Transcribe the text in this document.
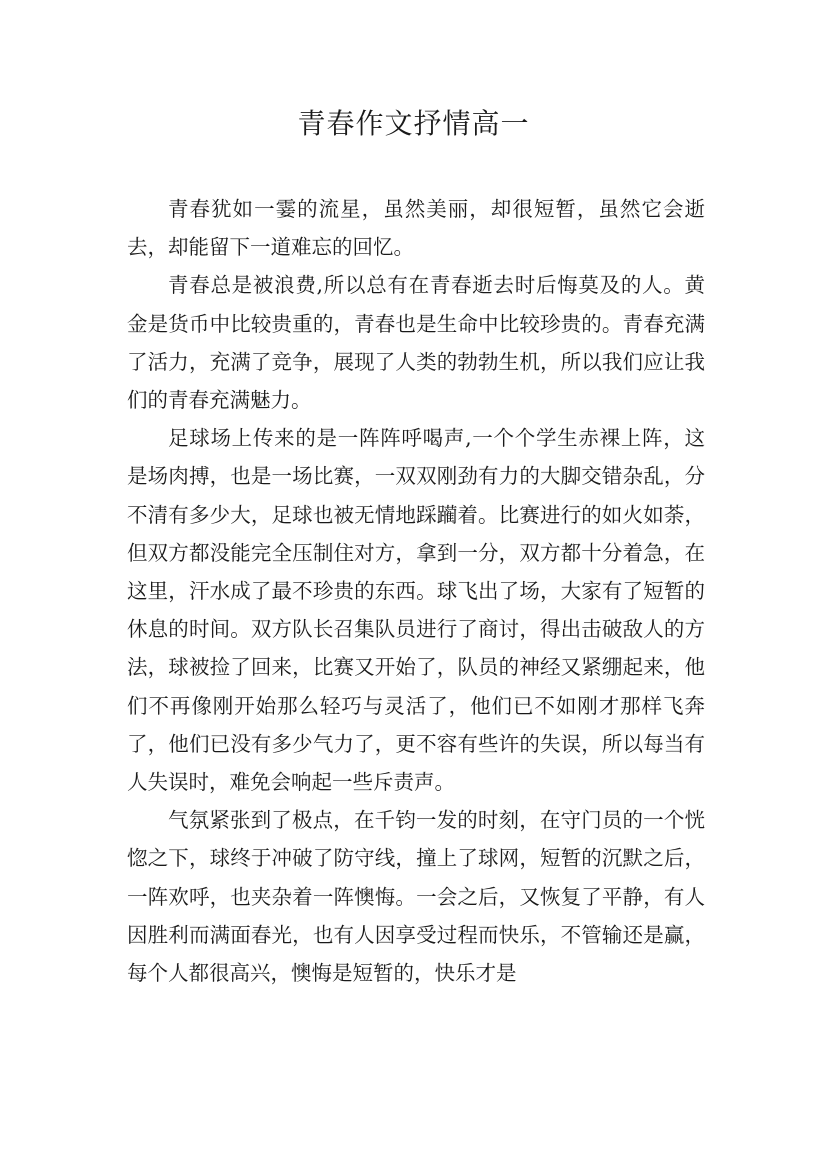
青春作文抒情高一

青春犹如一霎的流星，虽然美丽，却很短暂，虽然它会逝去，却能留下一道难忘的回忆。

青春总是被浪费,所以总有在青春逝去时后悔莫及的人。黄金是货币中比较贵重的，青春也是生命中比较珍贵的。青春充满了活力，充满了竞争，展现了人类的勃勃生机，所以我们应让我们的青春充满魅力。

足球场上传来的是一阵阵呼喝声,一个个学生赤裸上阵，这是场肉搏，也是一场比赛，一双双刚劲有力的大脚交错杂乱，分不清有多少大，足球也被无情地踩躏着。比赛进行的如火如荼，但双方都没能完全压制住对方，拿到一分，双方都十分着急，在这里，汗水成了最不珍贵的东西。球飞出了场，大家有了短暂的休息的时间。双方队长召集队员进行了商讨，得出击破敌人的方法，球被捡了回来，比赛又开始了，队员的神经又紧绷起来，他们不再像刚开始那么轻巧与灵活了，他们已不如刚才那样飞奔了，他们已没有多少气力了，更不容有些许的失误，所以每当有人失误时，难免会响起一些斥责声。

气氛紧张到了极点，在千钧一发的时刻，在守门员的一个恍惚之下，球终于冲破了防守线，撞上了球网，短暂的沉默之后，一阵欢呼，也夹杂着一阵懊悔。一会之后，又恢复了平静，有人因胜利而满面春光，也有人因享受过程而快乐，不管输还是赢，每个人都很高兴，懊悔是短暂的，快乐才是
